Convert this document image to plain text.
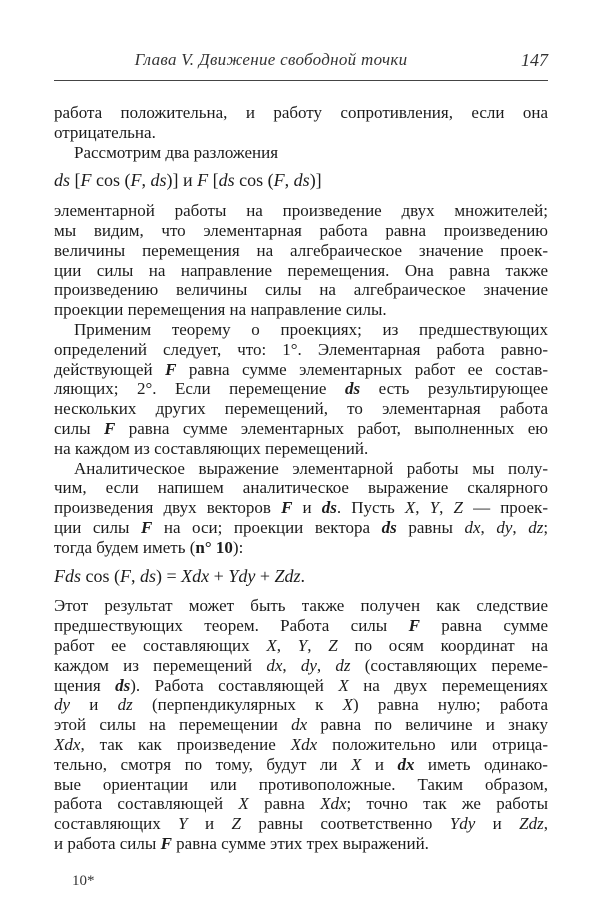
Глава V. Движение свободной точки	147
работа положительна, и работу сопротивления, если она
отрицательна.
Рассмотрим два разложения
ds [F cos (F, ds)] и F [ds cos (F, ds)]
элементарной работы на произведение двух множителей;
мы видим, что элементарная работа равна произведению
величины перемещения на алгебраическое значение проек-
ции силы на направление перемещения. Она равна также
произведению величины силы на алгебраическое значение
проекции перемещения на направление силы.
Применим теорему о проекциях; из предшествующих
определений следует, что: 1°. Элементарная работа равно-
действующей F равна сумме элементарных работ ее состав-
ляющих; 2°. Если перемещение ds есть результирующее
нескольких других перемещений, то элементарная работа
силы F равна сумме элементарных работ, выполненных ею
на каждом из составляющих перемещений.
Аналитическое выражение элементарной работы мы полу-
чим, если напишем аналитическое выражение скалярного
произведения двух векторов F и ds. Пусть X, Y, Z — проек-
ции силы F на оси; проекции вектора ds равны dx, dy, dz;
тогда будем иметь (n° 10):
Fds cos (F, ds) = Xdx + Ydy + Zdz.
Этот результат может быть также получен как следствие
предшествующих теорем. Работа силы F равна сумме
работ ее составляющих X, Y, Z по осям координат на
каждом из перемещений dx, dy, dz (составляющих переме-
щения ds). Работа составляющей X на двух перемещениях
dy и dz (перпендикулярных к X) равна нулю; работа
этой силы на перемещении dx равна по величине и знаку
Xdx, так как произведение Xdx положительно или отрица-
тельно, смотря по тому, будут ли X и dx иметь одинако-
вые ориентации или противоположные. Таким образом,
работа составляющей X равна Xdx; точно так же работы
составляющих Y и Z равны соответственно Ydy и Zdz,
и работа силы F равна сумме этих трех выражений.
10*
